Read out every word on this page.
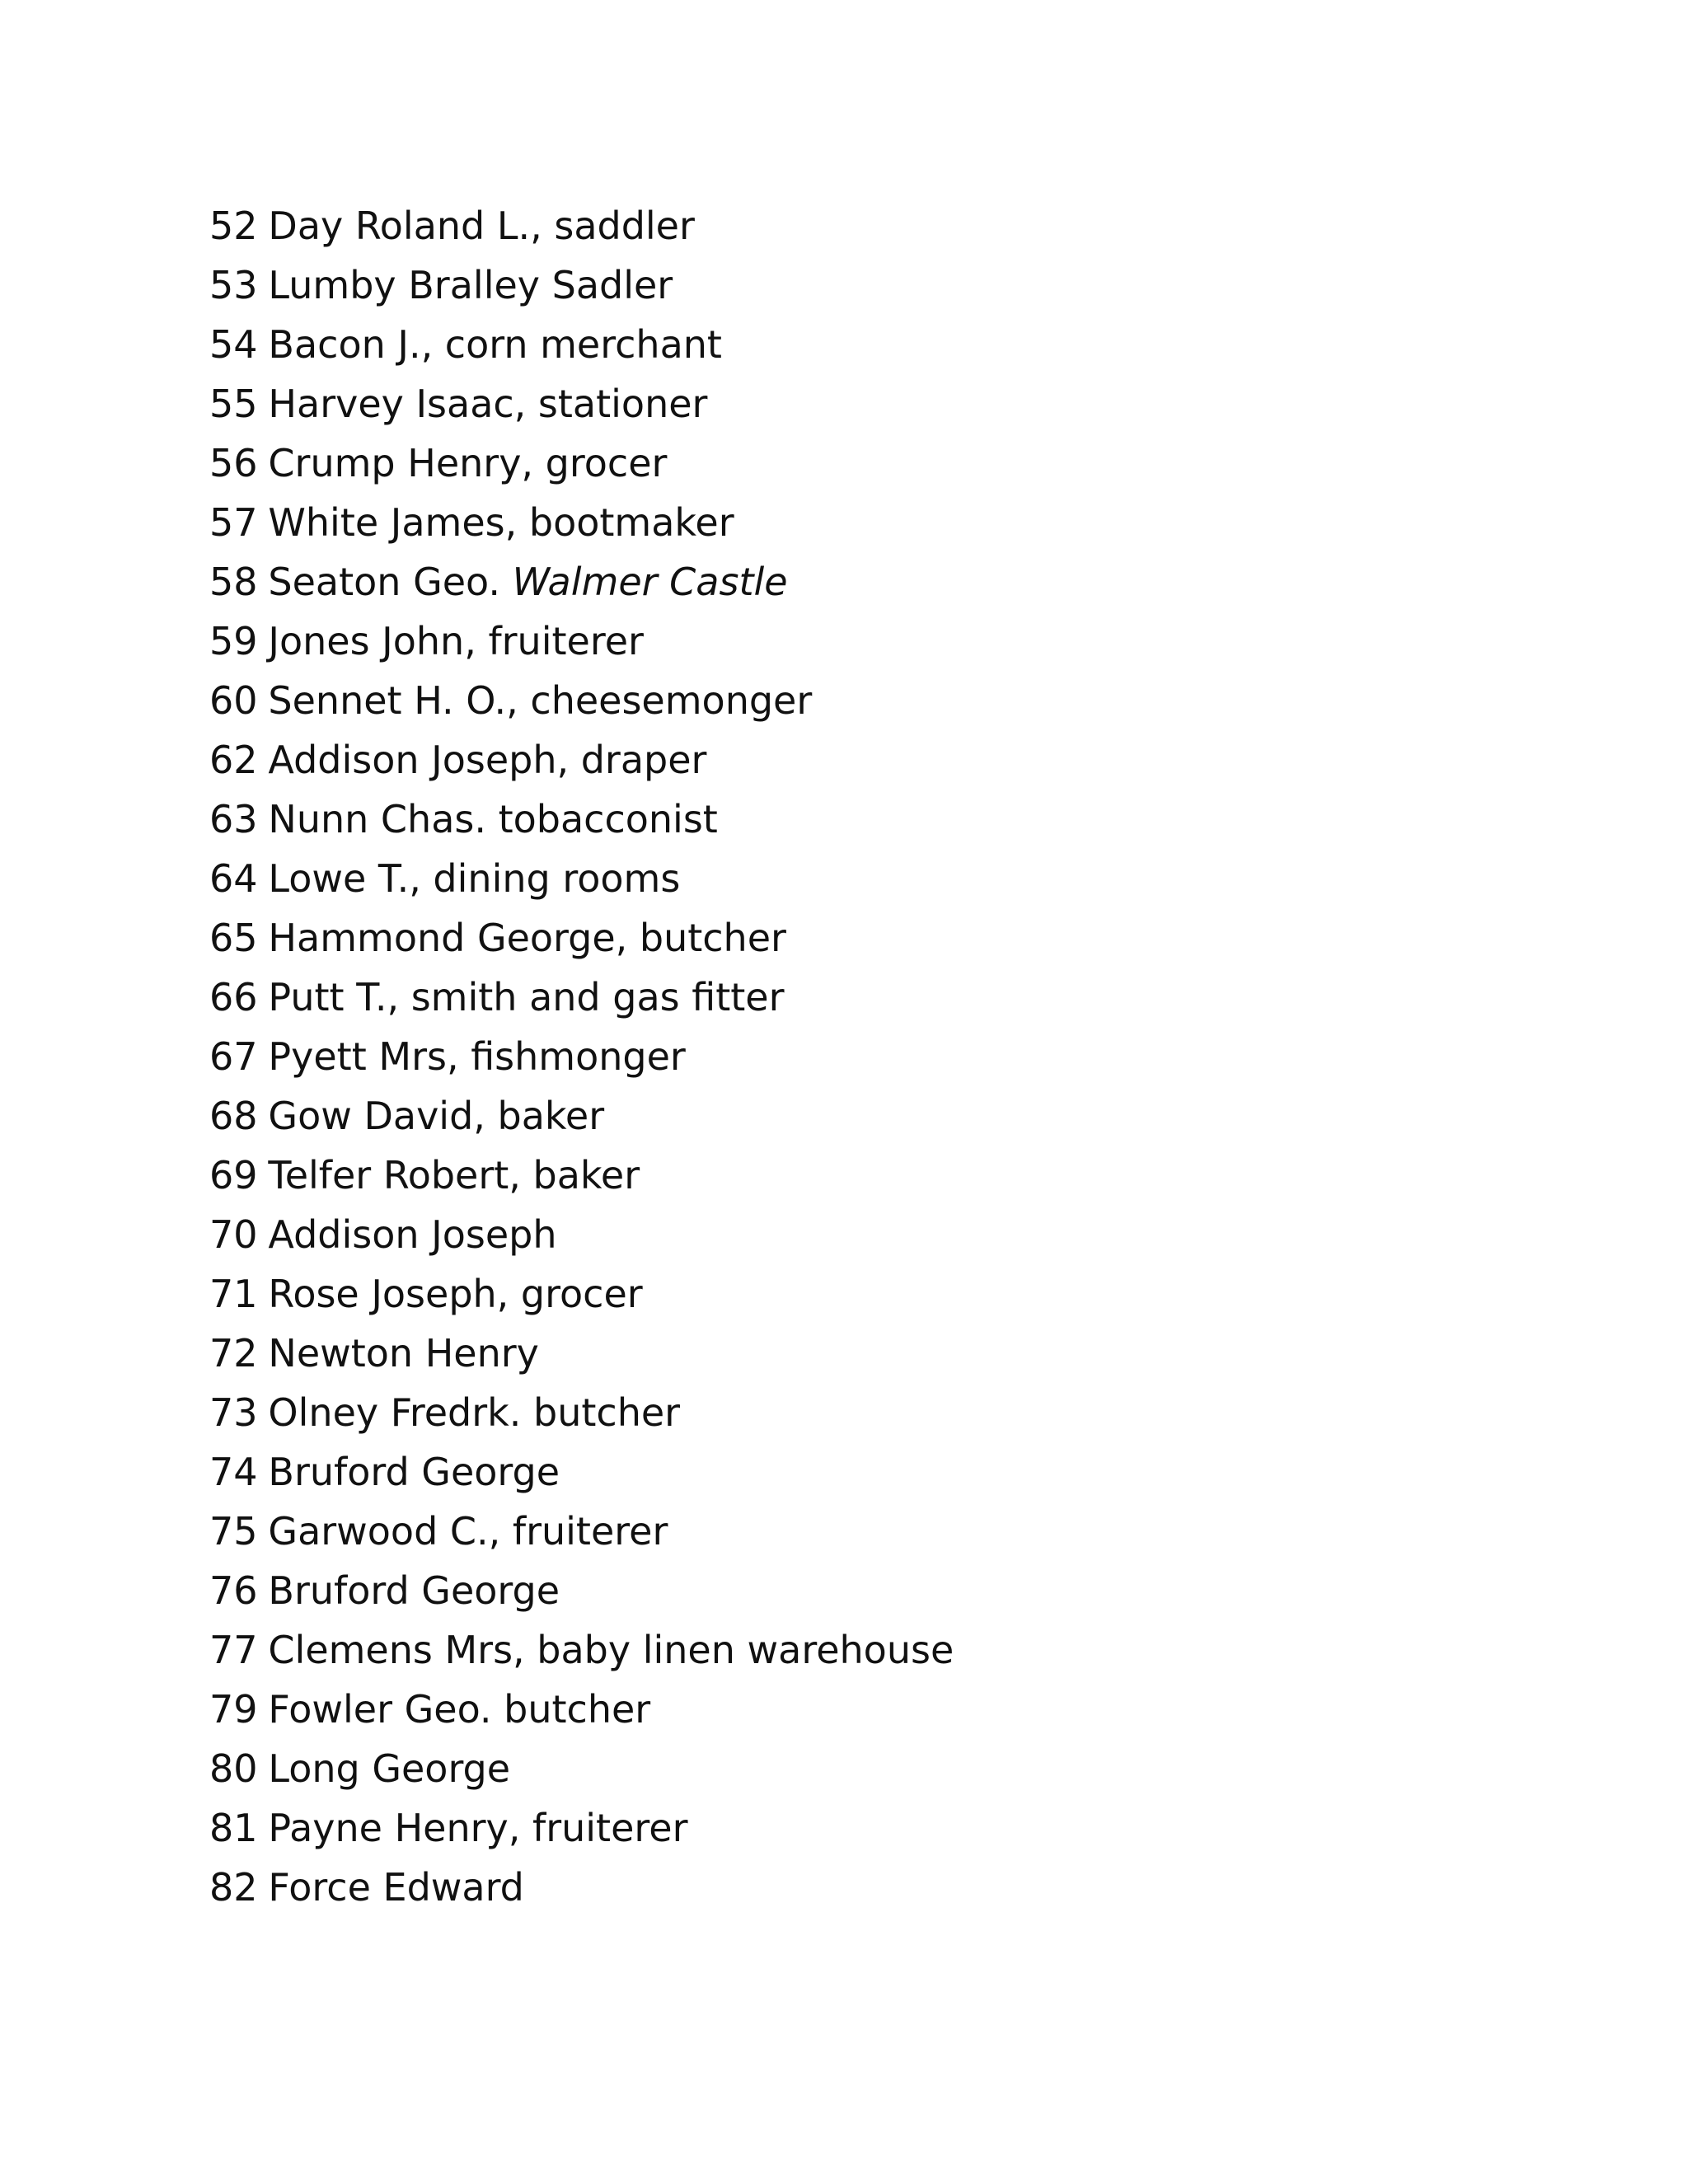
52 Day Roland L., saddler
53 Lumby Bralley Sadler
54 Bacon J., corn merchant
55 Harvey Isaac, stationer
56 Crump Henry, grocer
57 White James, bootmaker
58 Seaton Geo. Walmer Castle
59 Jones John, fruiterer
60 Sennet H. O., cheesemonger
62 Addison Joseph, draper
63 Nunn Chas. tobacconist
64 Lowe T., dining rooms
65 Hammond George, butcher
66 Putt T., smith and gas fitter
67 Pyett Mrs, fishmonger
68 Gow David, baker
69 Telfer Robert, baker
70 Addison Joseph
71 Rose Joseph, grocer
72 Newton Henry
73 Olney Fredrk. butcher
74 Bruford George
75 Garwood C., fruiterer
76 Bruford George
77 Clemens Mrs, baby linen warehouse
79 Fowler Geo. butcher
80 Long George
81 Payne Henry, fruiterer
82 Force Edward
